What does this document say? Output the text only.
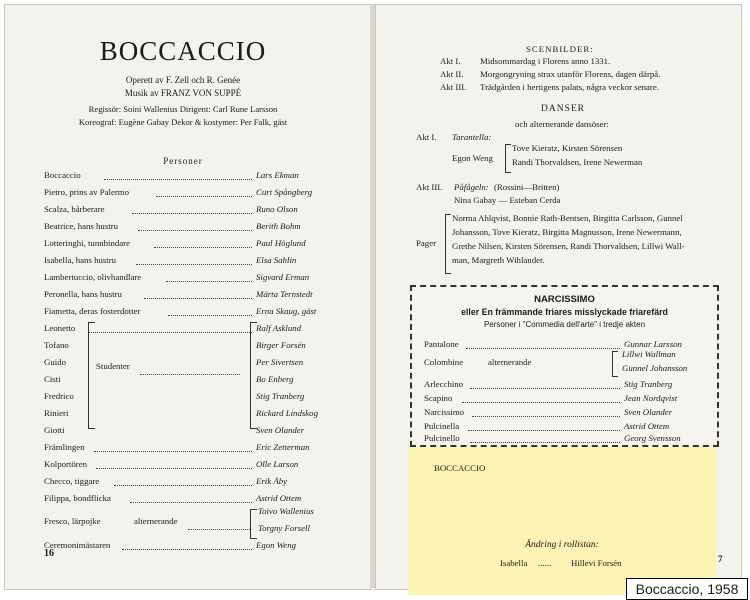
BOCCACCIO
Operett av F. Zell och R. Genée
Musik av FRANZ VON SUPPÉ
Regissör: Soini Wallenius Dirigent: Carl Rune Larsson
Koreograf: Eugène Gabay Dekor & kostymer: Per Falk, gäst
Personer
Boccaccio	Lars Ekman
Pietro, prins av Palermo	Curt Spångberg
Scalza, bårberare	Runo Olson
Beatrice, hans hustru	Berith Bohm
Lotteringhi, tunnbindare	Paul Höglund
Isabella, hans hustru	Elsa Sahlin
Lambertuccio, olivhandlare	Sigvard Erman
Peronella, hans hustru	Märta Ternstedt
Fiametta, deras fosterdotter	Erna Skaug, gäst
Leonetto	Ralf Asklund
Tofano	Birger Forsén
Guido	Per Sivertsen
Cisti	Bo Enberg
Fredrico	Stig Tranberg
Rinieri	Rickard Lindskog
Giotti	Sven Olander
Studenter
Främlingen	Eric Zetterman
Kolportören	Olle Larson
Checco, tiggare	Erik Åby
Filippa, bondflicka	Astrid Ottem
Fresco, lärpojke	alternerande
Toivo Wallenius
Torgny Forsell
Ceremonimästaren	Egon Weng
16
SCENBILDER:
Akt I. Midsommardag i Florens anno 1331.
Akt II. Morgongryning strax utanför Florens, dagen därpå.
Akt III. Trädgården i hertigens palats, några veckor senare.
DANSER
och alternerande dansöser:
Akt I. Tarantella:
Egon Weng
Tove Kieratz, Kirsten Sörensen
Randi Thorvaldsen, Irene Newerman
Akt III. Påfågeln: (Rossini—Britten)
Nina Gabay — Esteban Cerda
Pager
Norma Ahlqvist, Bonnie Rath-Bentsen, Birgitta Carlsson, Gunnel
Johansson, Tove Kieratz, Birgitta Magnusson, Irene Newermann,
Grethe Nilsen, Kirsten Sörensen, Randi Thorvaldsen, Lillwi Wall-
man, Margreth Wihlander.
NARCISSIMO
eller En främmande friares misslyckade friarefärd
Personer i "Commedia dell'arte" i tredje akten
Pantalone	Gunnar Larsson
Colombine	alternerande
Lillwi Wallman
Gunnel Johansson
Arlecchino	Stig Tranberg
Scapino	Jean Nordqvist
Narcissimo	Sven Olander
Pulcinella	Astrid Ottem
Pulcinello	Georg Svensson
BOCCACCIO
Ändring i rollistan:
Isabella ...... Hillevi Forsén	7
Boccaccio, 1958
